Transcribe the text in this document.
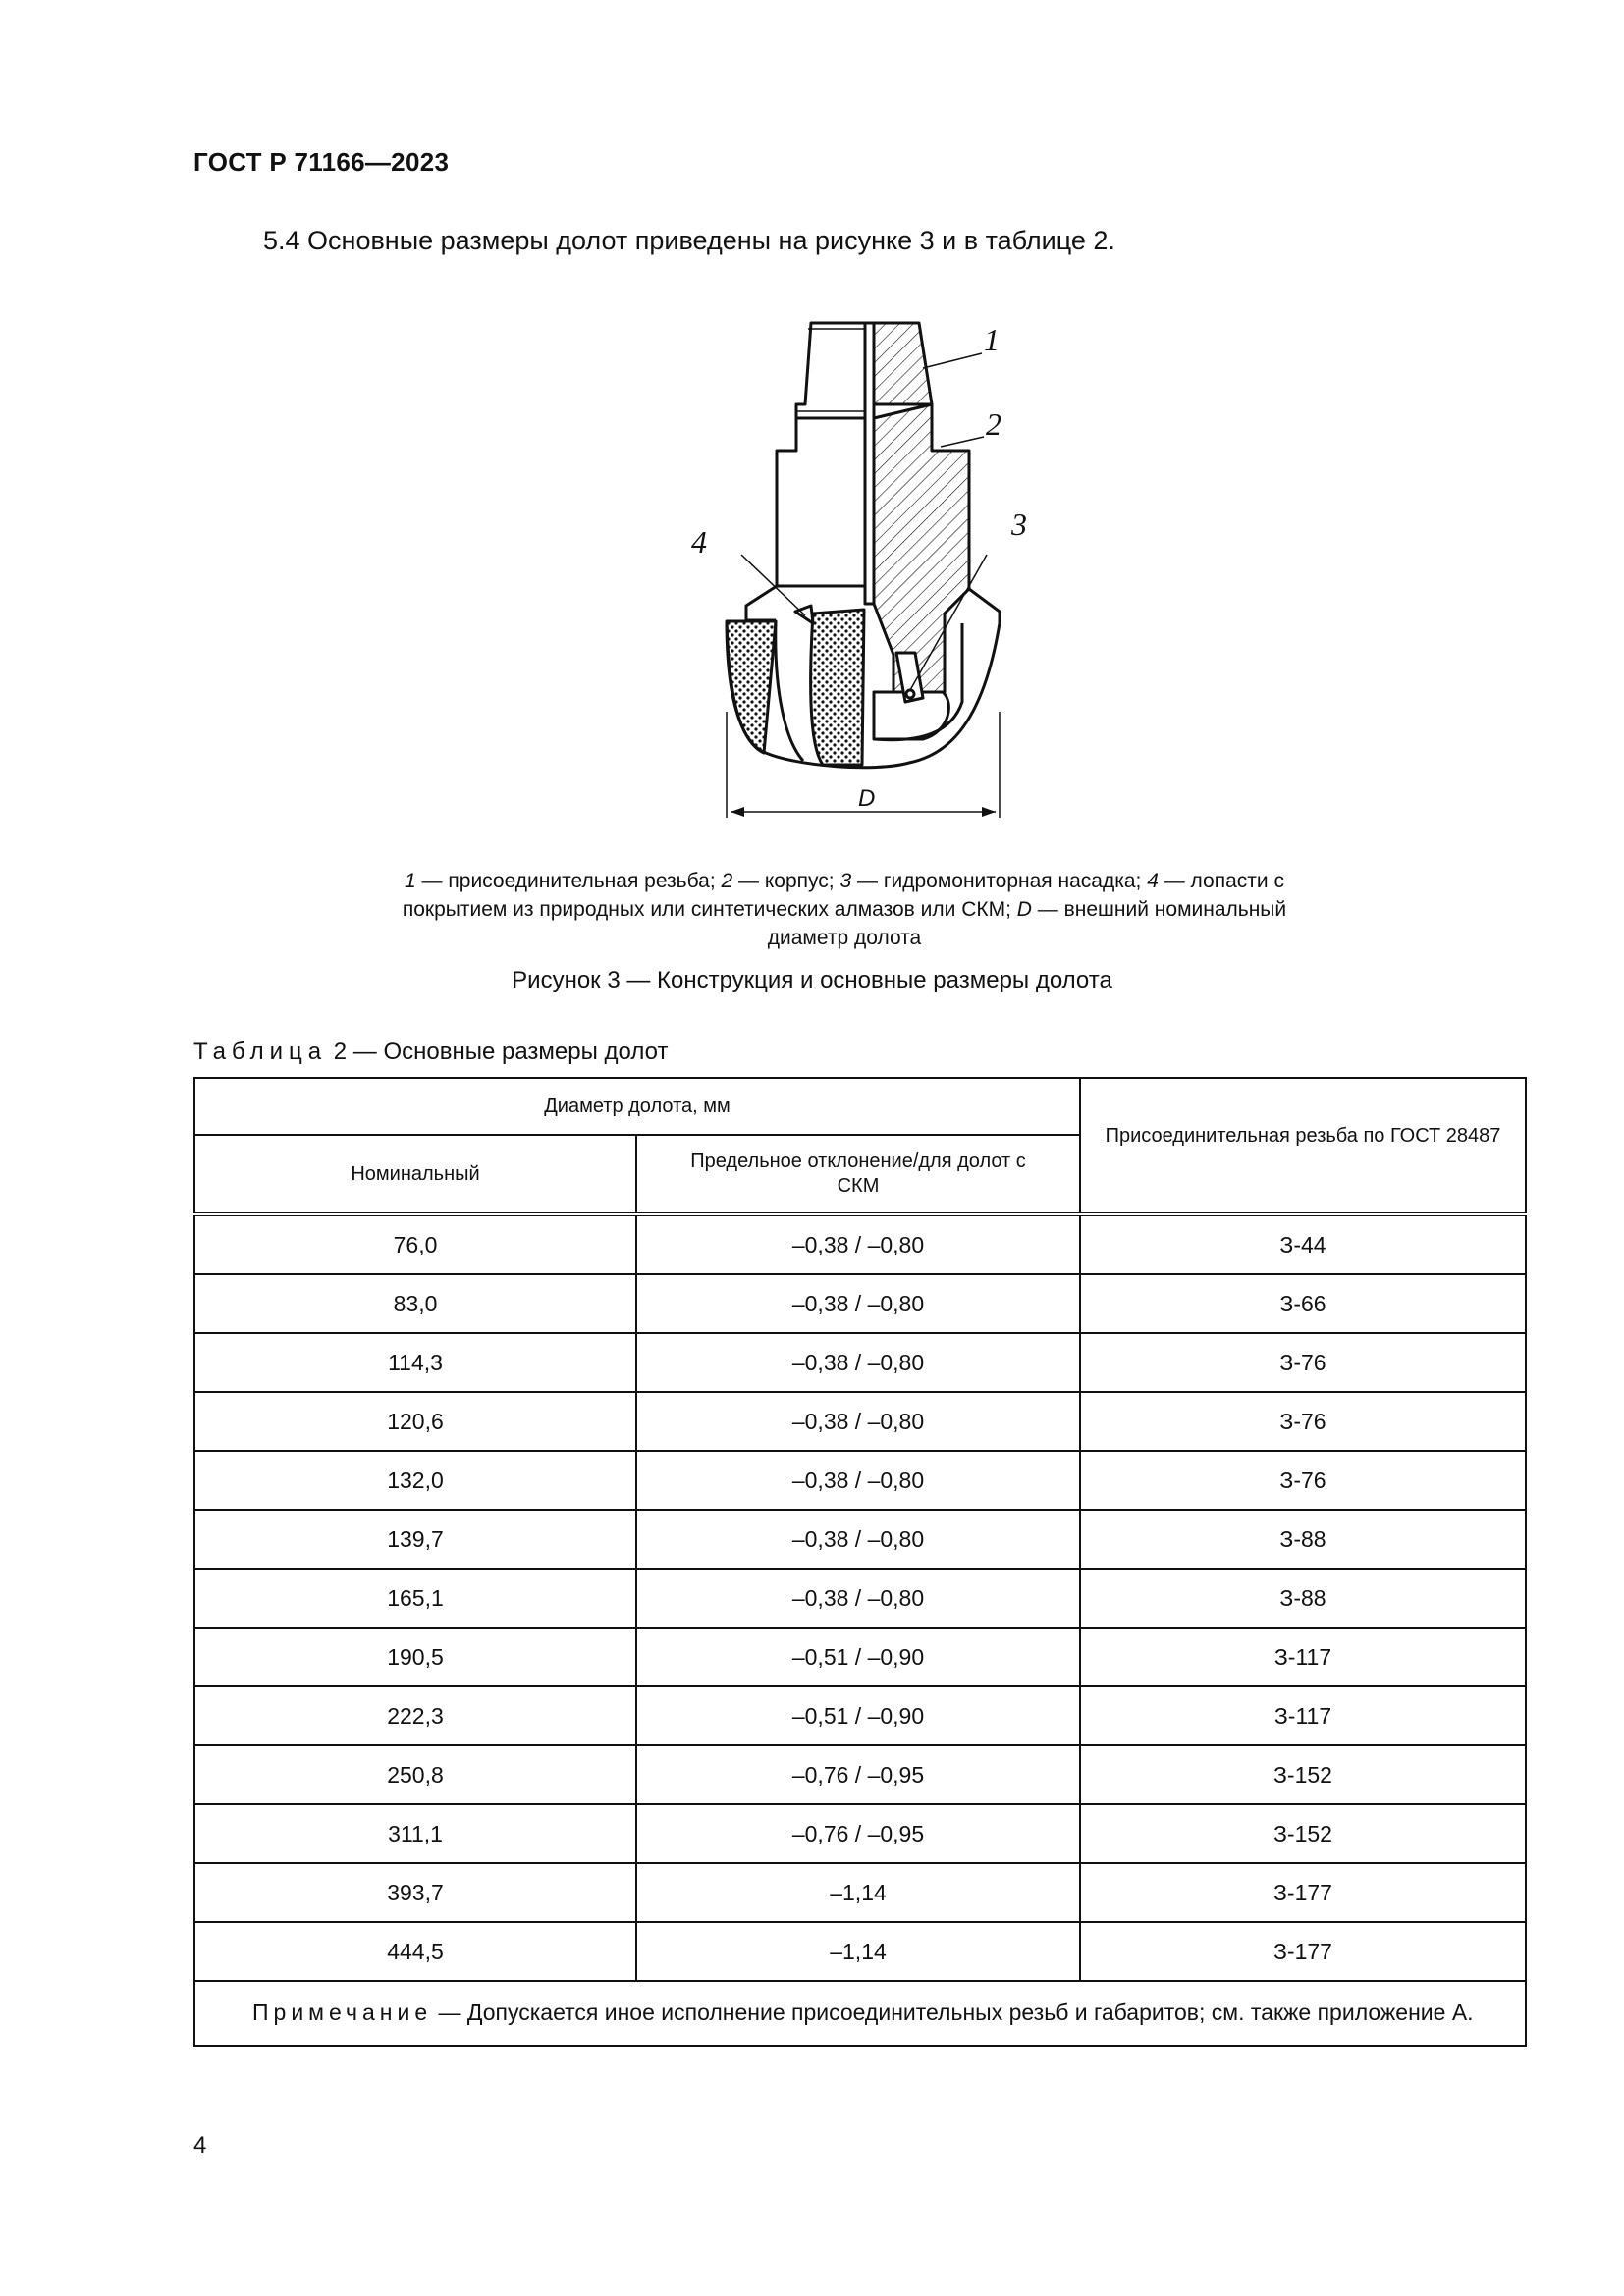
ГОСТ Р 71166—2023
5.4 Основные размеры долот приведены на рисунке 3 и в таблице 2.
1
2
3
4
D
1 — присоединительная резьба; 2 — корпус; 3 — гидромониторная насадка; 4 — лопасти с покрытием из природных или синтетических алмазов или СКМ; D — внешний номинальный диаметр долота
Рисунок 3 — Конструкция и основные размеры долота
Таблица 2 — Основные размеры долот
Диаметр долота, мм		Присоединительная резьба по ГОСТ 28487
Номинальный	Предельное отклонение/для долот с СКМ	
76,0	–0,38 / –0,80	З-44
83,0	–0,38 / –0,80	З-66
114,3	–0,38 / –0,80	З-76
120,6	–0,38 / –0,80	З-76
132,0	–0,38 / –0,80	З-76
139,7	–0,38 / –0,80	З-88
165,1	–0,38 / –0,80	З-88
190,5	–0,51 / –0,90	З-117
222,3	–0,51 / –0,90	З-117
250,8	–0,76 / –0,95	З-152
311,1	–0,76 / –0,95	З-152
393,7	–1,14	З-177
444,5	–1,14	З-177
Примечание — Допускается иное исполнение присоединительных резьб и габаритов; см. также приложение А.		
4
